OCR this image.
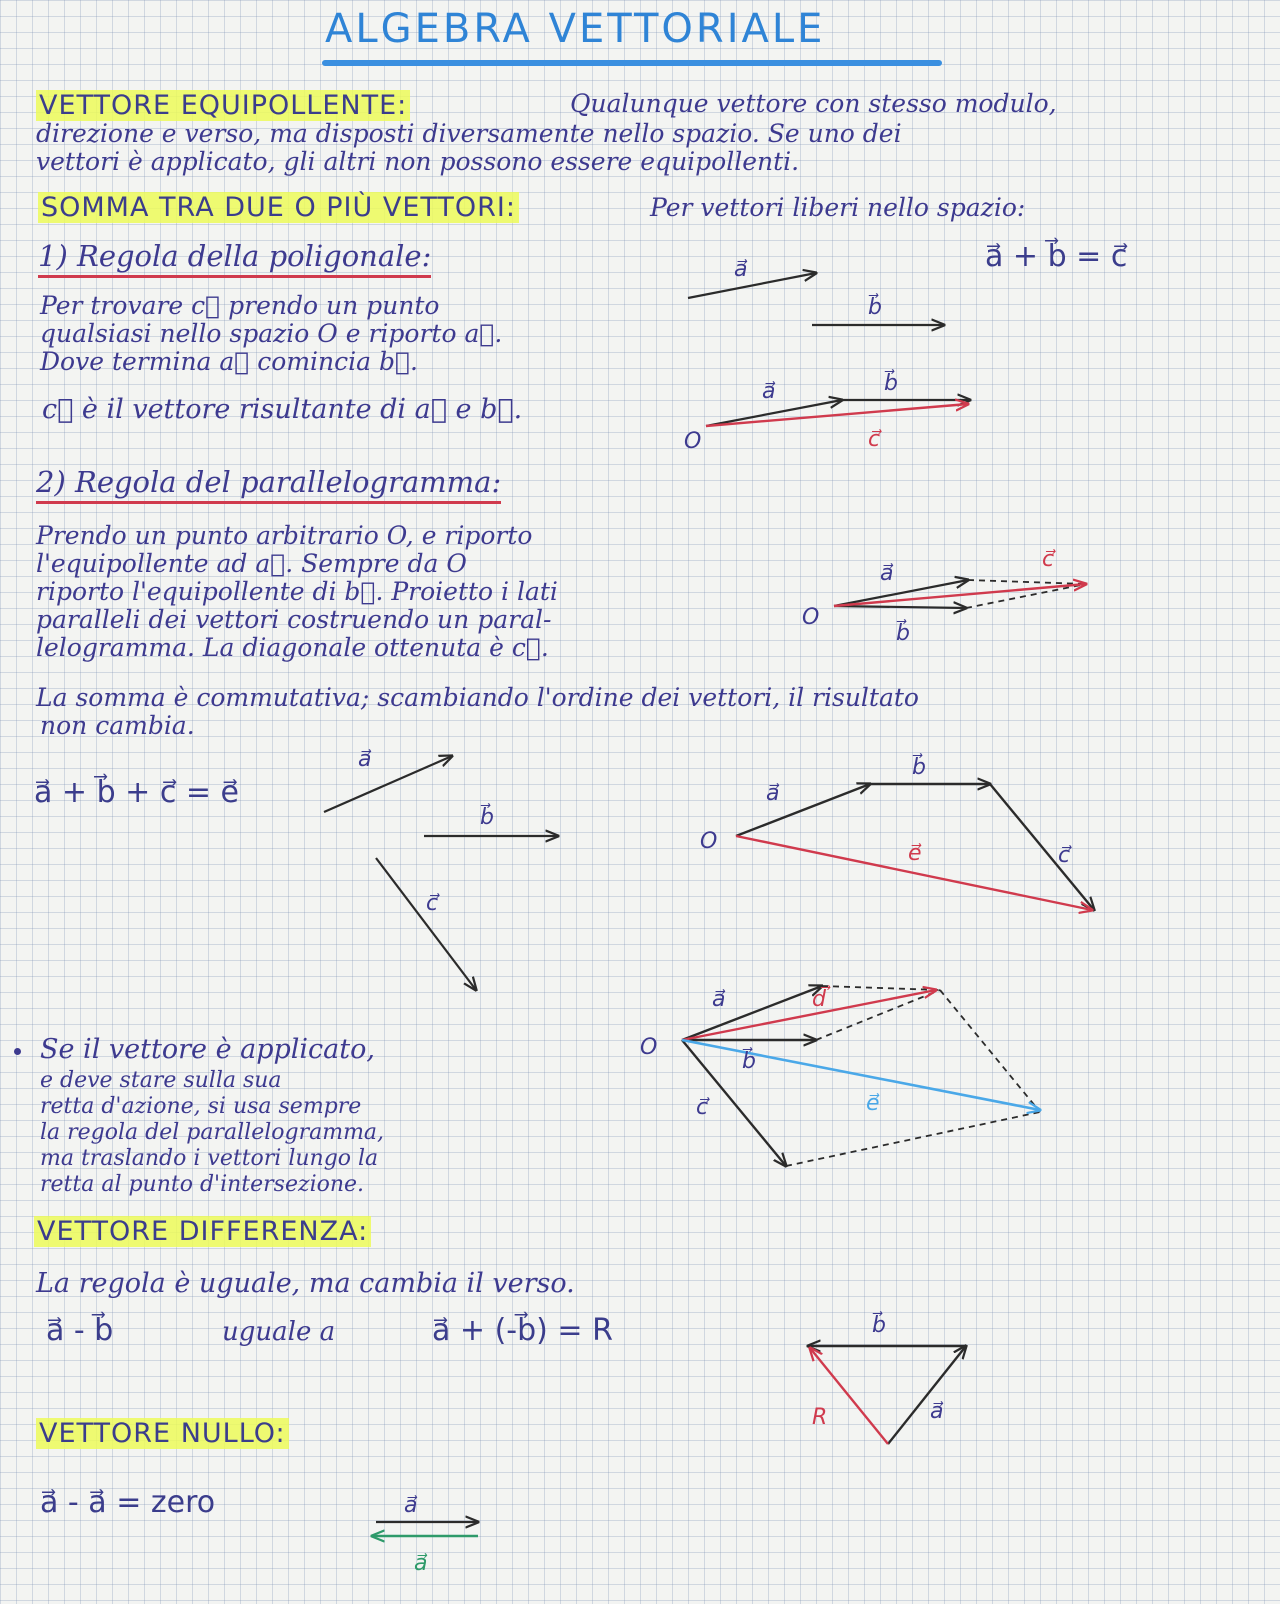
ALGEBRA VETTORIALE
VETTORE EQUIPOLLENTE:	Qualunque vettore con stesso modulo,
direzione e verso, ma disposti diversamente nello spazio. Se uno dei
vettori è applicato, gli altri non possono essere equipollenti.
SOMMA TRA DUE O PIÙ VETTORI:	Per vettori liberi nello spazio:
a⃗ + b⃗ = c⃗
1) Regola della poligonale:
Per trovare c⃗ prendo un punto
qualsiasi nello spazio O e riporto a⃗.
Dove termina a⃗ comincia b⃗.
c⃗ è il vettore risultante di a⃗ e b⃗.
2) Regola del parallelogramma:
Prendo un punto arbitrario O, e riporto
l'equipollente ad a⃗. Sempre da O
riporto l'equipollente di b⃗. Proietto i lati
paralleli dei vettori costruendo un paral-
lelogramma. La diagonale ottenuta è c⃗.
La somma è commutativa; scambiando l'ordine dei vettori, il risultato
non cambia.
a⃗ + b⃗ + c⃗ = e⃗
Se il vettore è applicato,
e deve stare sulla sua
retta d'azione, si usa sempre
la regola del parallelogramma,
ma traslando i vettori lungo la
retta al punto d'intersezione.
VETTORE DIFFERENZA:
La regola è uguale, ma cambia il verso.
a⃗ - b⃗	uguale a	a⃗ + (-b⃗) = R
VETTORE NULLO:
a⃗ - a⃗ = zero
a⃗
b⃗
a⃗	b⃗
c⃗
O
a⃗
b⃗
c⃗
O
a⃗
b⃗
c⃗
a⃗
b⃗
c⃗
e⃗
O
a⃗
b⃗
c⃗
d⃗
e⃗
O
b⃗
a⃗
R
a⃗
a⃗
